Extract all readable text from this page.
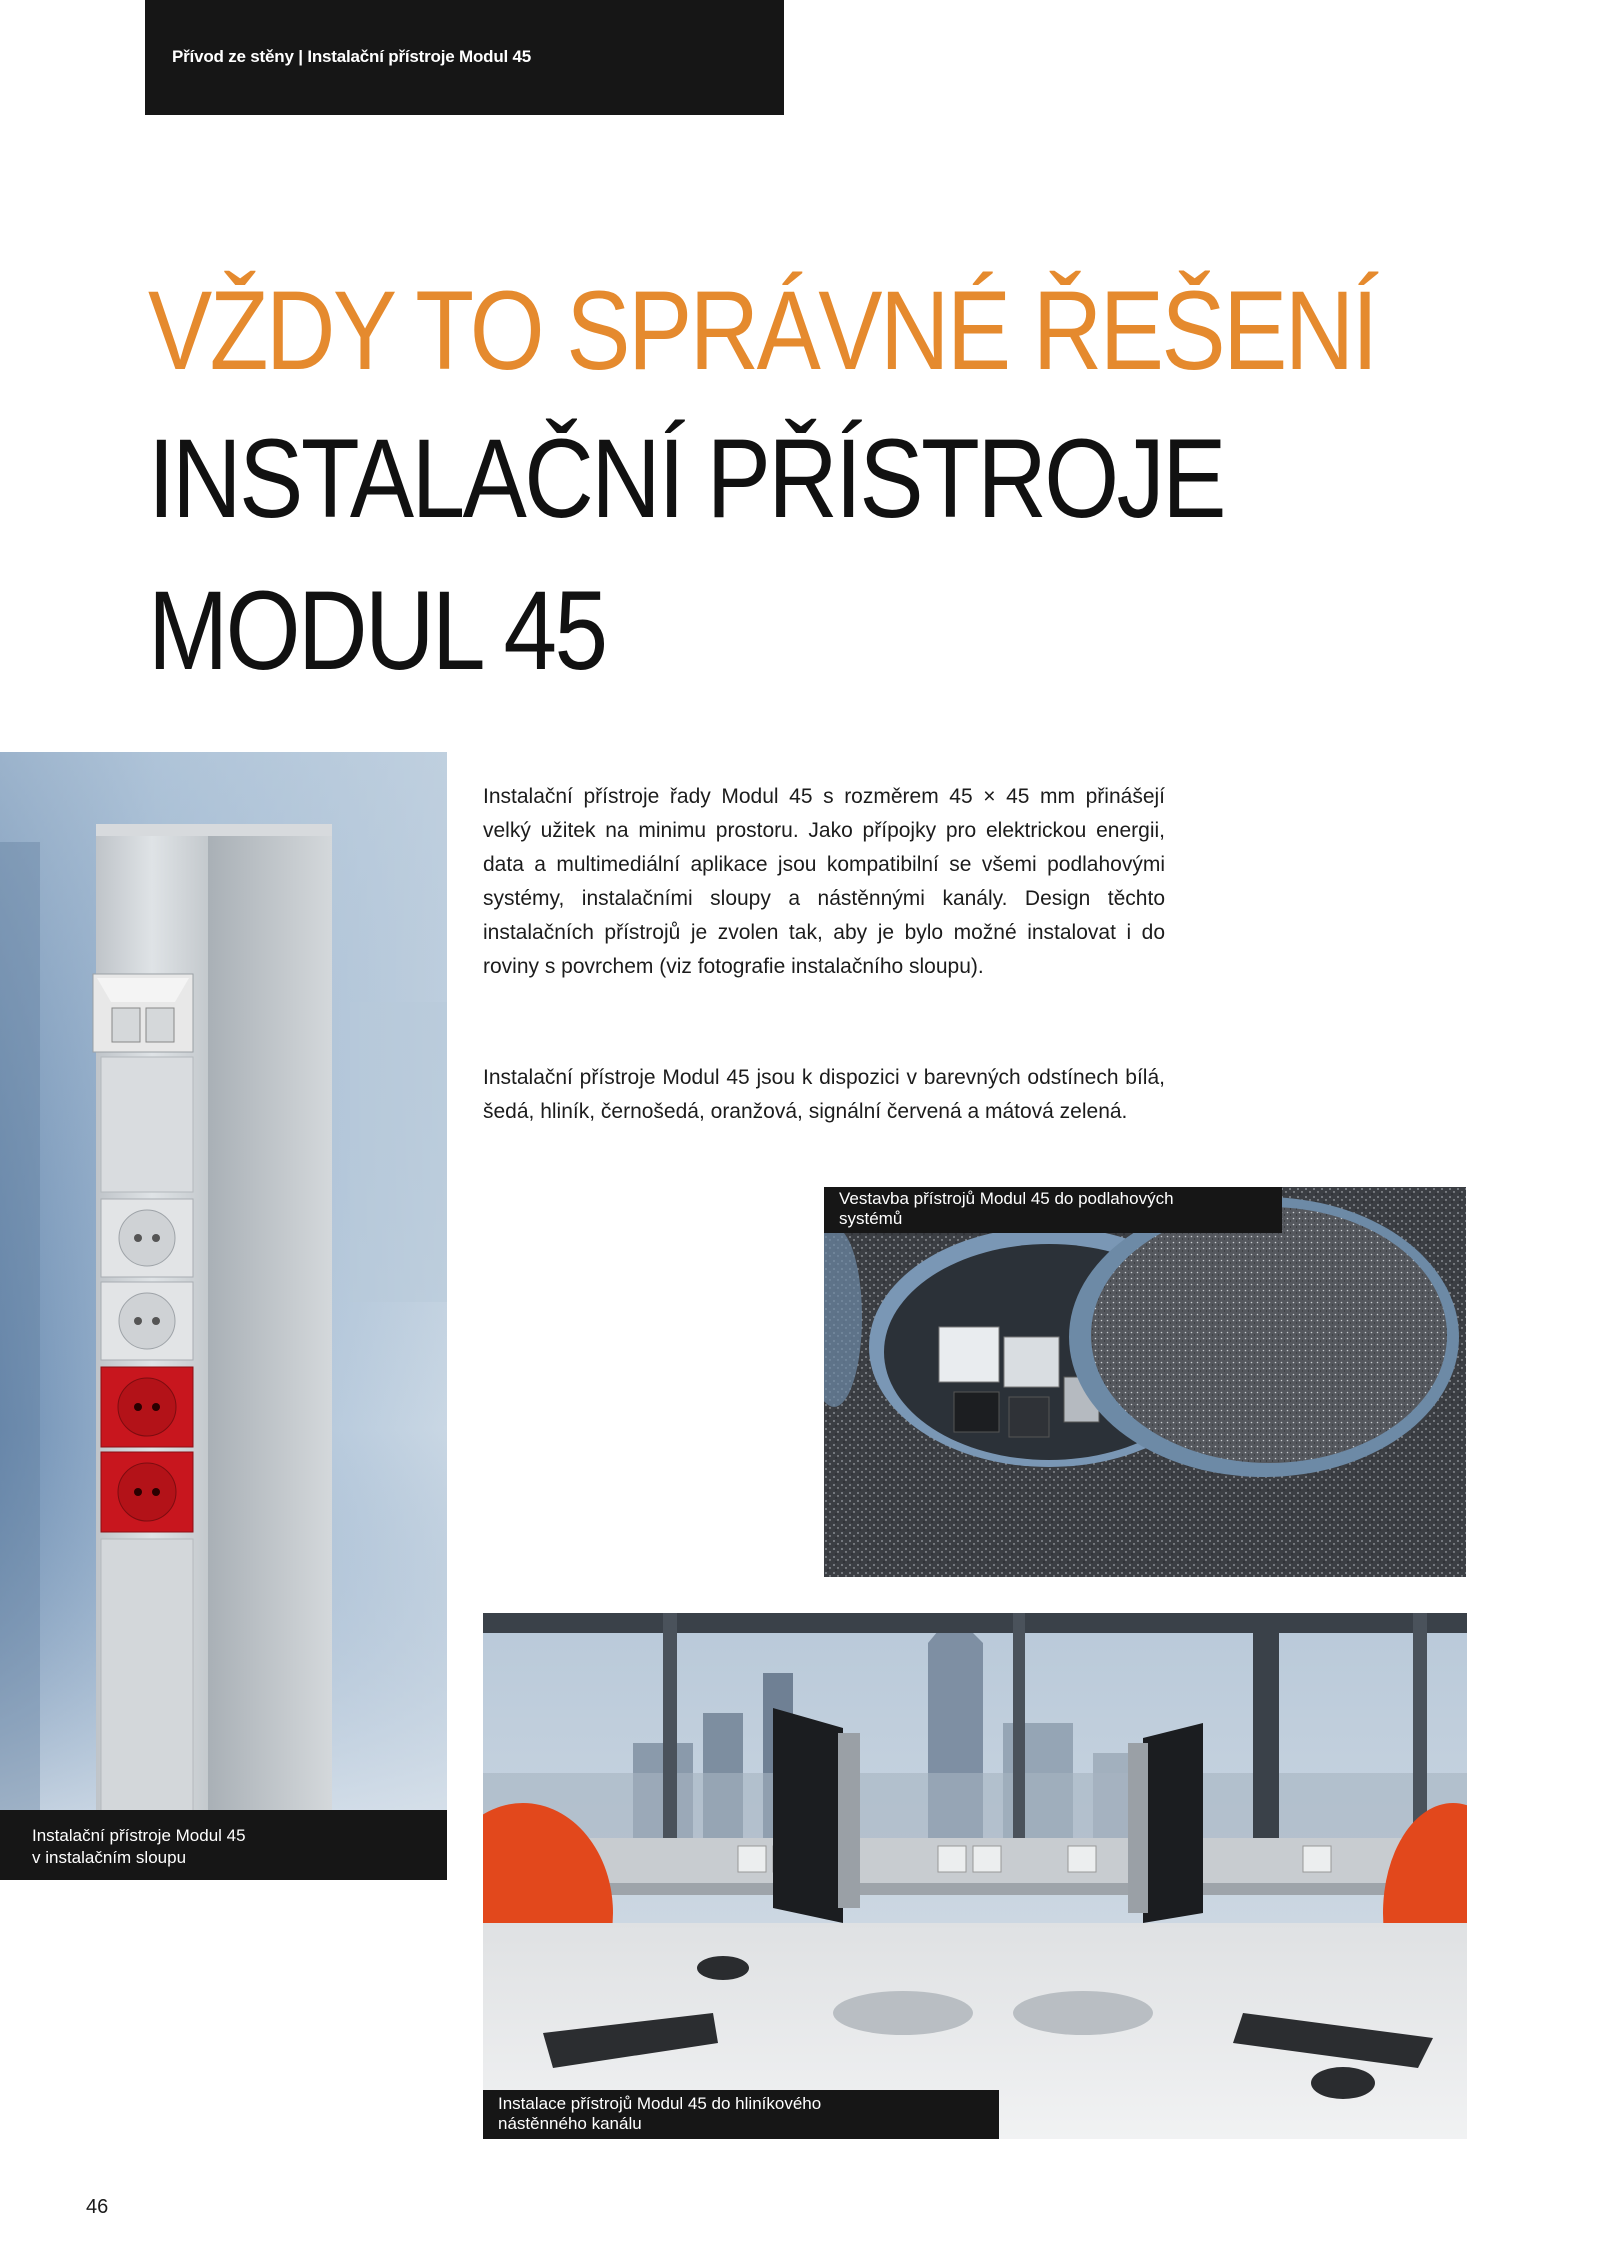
Přívod ze stěny | Instalační přístroje Modul 45
VŽDY TO SPRÁVNÉ ŘEŠENÍ
INSTALAČNÍ PŘÍSTROJE
MODUL 45
Instalační přístroje Modul 45
v instalačním sloupu

Instalační přístroje řady Modul 45 s rozměrem 45 × 45 mm přinášejí velký užitek na minimu prostoru. Jako přípojky pro elektrickou energii, data a multimediální aplikace jsou kompatibilní se všemi podlahovými systémy, instalačními sloupy a nástěnnými kanály. Design těchto instalačních přístrojů je zvolen tak, aby je bylo možné instalovat i do roviny s povrchem (viz fotografie instalačního sloupu).

Instalační přístroje Modul 45 jsou k dispozici v barevných odstínech bílá, šedá, hliník, černošedá, oranžová, signální červená a mátová zelená.

Vestavba přístrojů Modul 45 do podlahových
systémů
Instalace přístrojů Modul 45 do hliníkového
nástěnného kanálu
46
